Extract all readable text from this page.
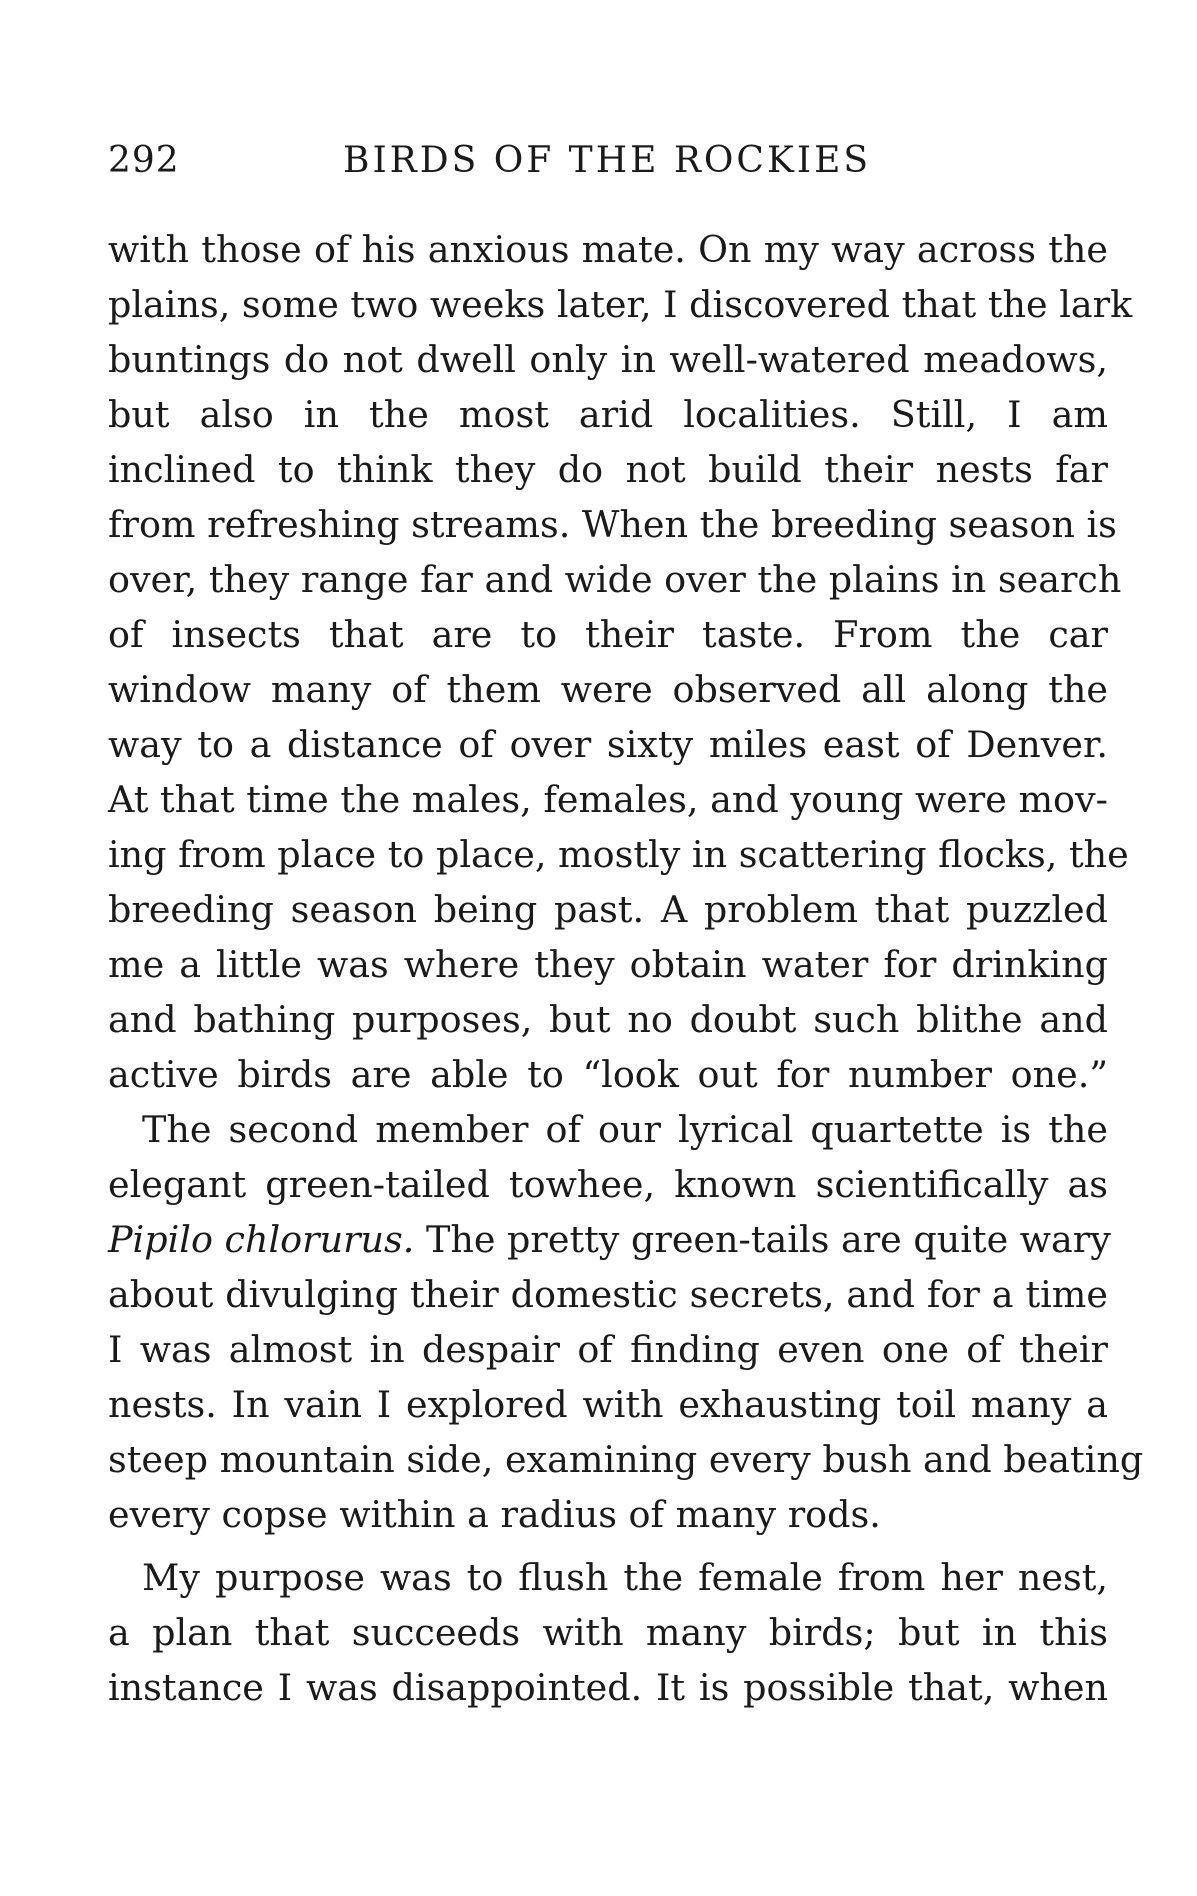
292	BIRDS OF THE ROCKIES
with those of his anxious mate. On my way across the
plains, some two weeks later, I discovered that the lark
buntings do not dwell only in well-watered meadows,
but also in the most arid localities. Still, I am
inclined to think they do not build their nests far
from refreshing streams. When the breeding season is
over, they range far and wide over the plains in search
of insects that are to their taste. From the car
window many of them were observed all along the
way to a distance of over sixty miles east of Denver.
At that time the males, females, and young were mov-
ing from place to place, mostly in scattering flocks, the
breeding season being past. A problem that puzzled
me a little was where they obtain water for drinking
and bathing purposes, but no doubt such blithe and
active birds are able to “look out for number one.”
The second member of our lyrical quartette is the
elegant green-tailed towhee, known scientifically as
Pipilo chlorurus. The pretty green-tails are quite wary
about divulging their domestic secrets, and for a time
I was almost in despair of finding even one of their
nests. In vain I explored with exhausting toil many a
steep mountain side, examining every bush and beating
every copse within a radius of many rods.
My purpose was to flush the female from her nest,
a plan that succeeds with many birds; but in this
instance I was disappointed. It is possible that, when
